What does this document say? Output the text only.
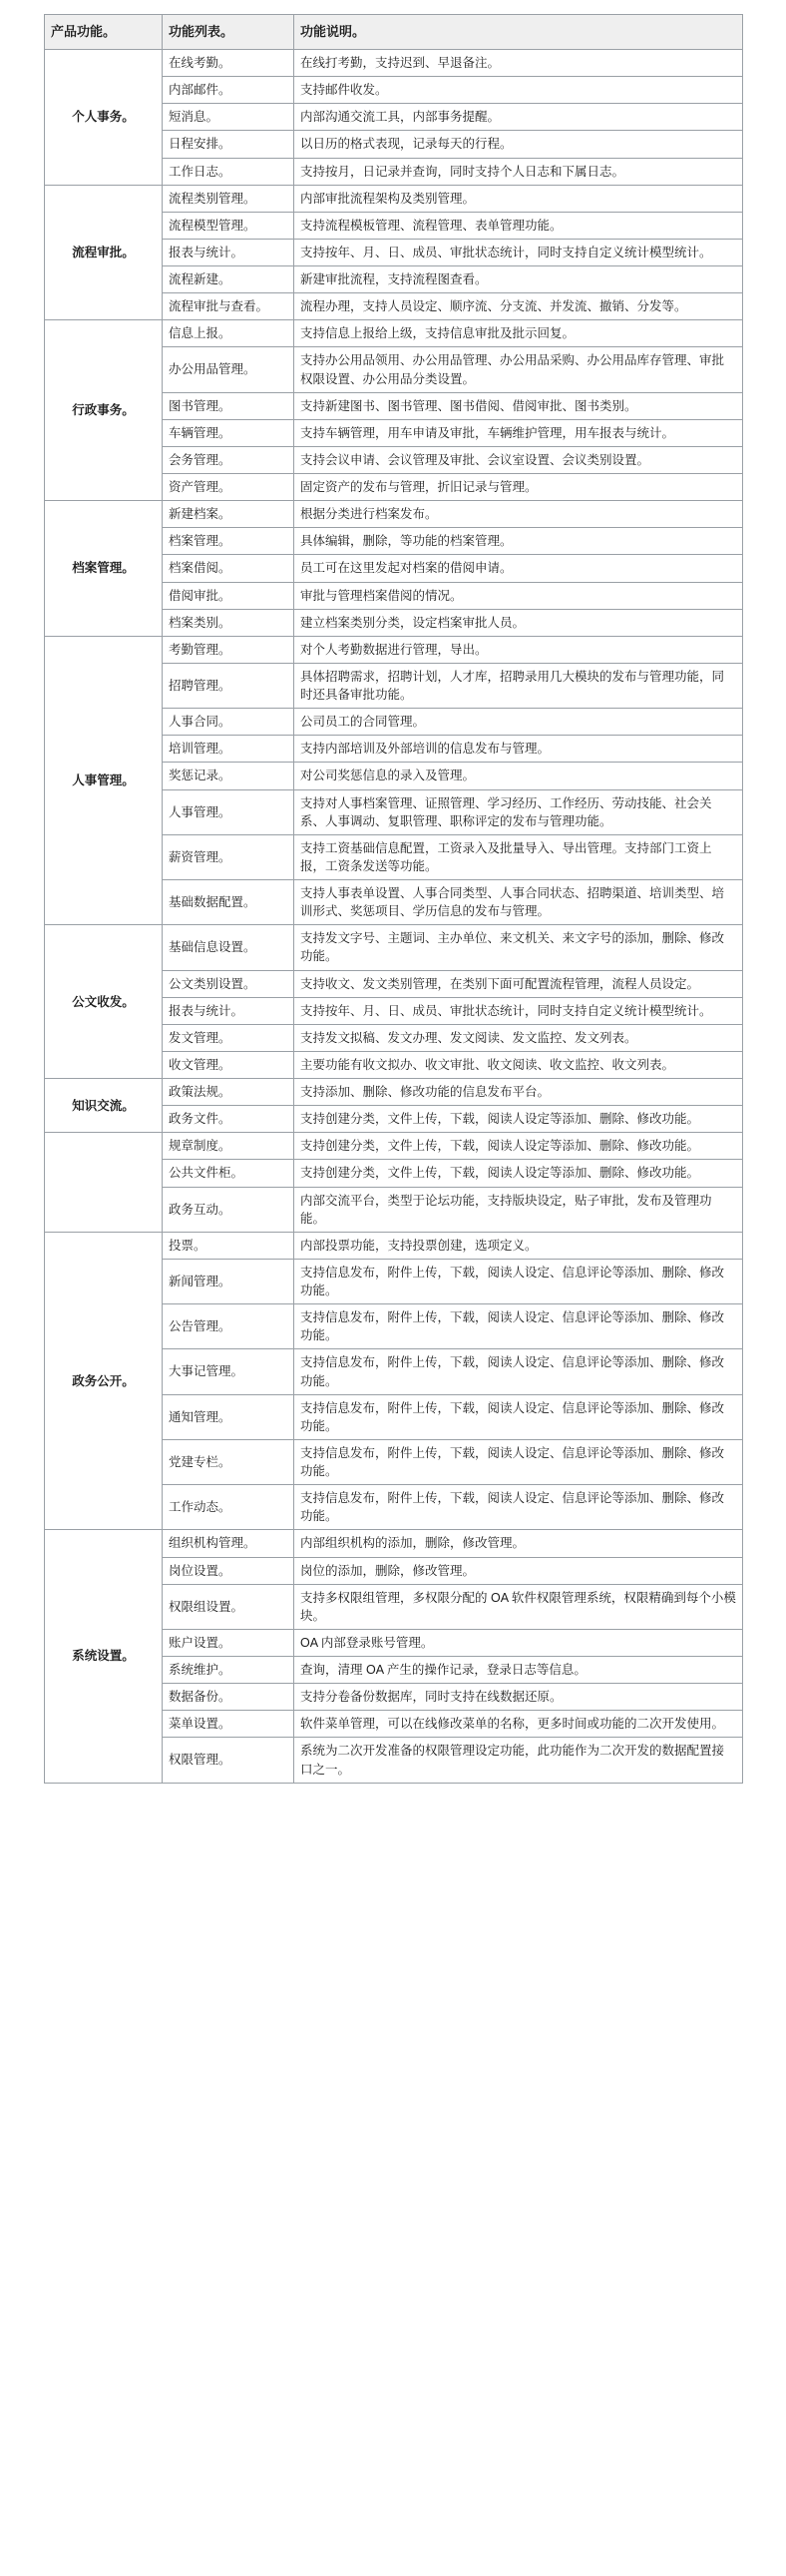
产品功能。	功能列表。	功能说明。
个人事务。	在线考勤。	在线打考勤，支持迟到、早退备注。
	内部邮件。	支持邮件收发。
	短消息。	内部沟通交流工具，内部事务提醒。
	日程安排。	以日历的格式表现，记录每天的行程。
	工作日志。	支持按月，日记录并查询，同时支持个人日志和下属日志。
流程审批。	流程类别管理。	内部审批流程架构及类别管理。
	流程模型管理。	支持流程模板管理、流程管理、表单管理功能。
	报表与统计。	支持按年、月、日、成员、审批状态统计，同时支持自定义统计模型统计。
	流程新建。	新建审批流程，支持流程图查看。
	流程审批与查看。	流程办理，支持人员设定、顺序流、分支流、并发流、撤销、分发等。
行政事务。	信息上报。	支持信息上报给上级，支持信息审批及批示回复。
	办公用品管理。	支持办公用品领用、办公用品管理、办公用品采购、办公用品库存管理、审批权限设置、办公用品分类设置。
	图书管理。	支持新建图书、图书管理、图书借阅、借阅审批、图书类别。
	车辆管理。	支持车辆管理，用车申请及审批，车辆维护管理，用车报表与统计。
	会务管理。	支持会议申请、会议管理及审批、会议室设置、会议类别设置。
	资产管理。	固定资产的发布与管理，折旧记录与管理。
档案管理。	新建档案。	根据分类进行档案发布。
	档案管理。	具体编辑，删除，等功能的档案管理。
	档案借阅。	员工可在这里发起对档案的借阅申请。
	借阅审批。	审批与管理档案借阅的情况。
	档案类别。	建立档案类别分类，设定档案审批人员。
人事管理。	考勤管理。	对个人考勤数据进行管理，导出。
	招聘管理。	具体招聘需求，招聘计划，人才库，招聘录用几大模块的发布与管理功能，同时还具备审批功能。
	人事合同。	公司员工的合同管理。
	培训管理。	支持内部培训及外部培训的信息发布与管理。
	奖惩记录。	对公司奖惩信息的录入及管理。
	人事管理。	支持对人事档案管理、证照管理、学习经历、工作经历、劳动技能、社会关系、人事调动、复职管理、职称评定的发布与管理功能。
	薪资管理。	支持工资基础信息配置，工资录入及批量导入、导出管理。支持部门工资上报，工资条发送等功能。
	基础数据配置。	支持人事表单设置、人事合同类型、人事合同状态、招聘渠道、培训类型、培训形式、奖惩项目、学历信息的发布与管理。
公文收发。	基础信息设置。	支持发文字号、主题词、主办单位、来文机关、来文字号的添加，删除、修改功能。
	公文类别设置。	支持收文、发文类别管理，在类别下面可配置流程管理，流程人员设定。
	报表与统计。	支持按年、月、日、成员、审批状态统计，同时支持自定义统计模型统计。
	发文管理。	支持发文拟稿、发文办理、发文阅读、发文监控、发文列表。
	收文管理。	主要功能有收文拟办、收文审批、收文阅读、收文监控、收文列表。
知识交流。	政策法规。	支持添加、删除、修改功能的信息发布平台。
	政务文件。	支持创建分类，文件上传，下载，阅读人设定等添加、删除、修改功能。
	规章制度。	支持创建分类，文件上传，下载，阅读人设定等添加、删除、修改功能。
	公共文件柜。	支持创建分类，文件上传，下载，阅读人设定等添加、删除、修改功能。
	政务互动。	内部交流平台，类型于论坛功能，支持版块设定，贴子审批，发布及管理功能。
政务公开。	投票。	内部投票功能，支持投票创建，选项定义。
	新闻管理。	支持信息发布，附件上传，下载，阅读人设定、信息评论等添加、删除、修改功能。
	公告管理。	支持信息发布，附件上传，下载，阅读人设定、信息评论等添加、删除、修改功能。
	大事记管理。	支持信息发布，附件上传，下载，阅读人设定、信息评论等添加、删除、修改功能。
	通知管理。	支持信息发布，附件上传，下载，阅读人设定、信息评论等添加、删除、修改功能。
	党建专栏。	支持信息发布，附件上传，下载，阅读人设定、信息评论等添加、删除、修改功能。
	工作动态。	支持信息发布，附件上传，下载，阅读人设定、信息评论等添加、删除、修改功能。
系统设置。	组织机构管理。	内部组织机构的添加，删除，修改管理。
	岗位设置。	岗位的添加，删除，修改管理。
	权限组设置。	支持多权限组管理，多权限分配的 OA 软件权限管理系统，权限精确到每个小模块。
	账户设置。	OA 内部登录账号管理。
	系统维护。	查询，清理 OA 产生的操作记录，登录日志等信息。
	数据备份。	支持分卷备份数据库，同时支持在线数据还原。
	菜单设置。	软件菜单管理，可以在线修改菜单的名称，更多时间或功能的二次开发使用。
	权限管理。	系统为二次开发准备的权限管理设定功能，此功能作为二次开发的数据配置接口之一。
